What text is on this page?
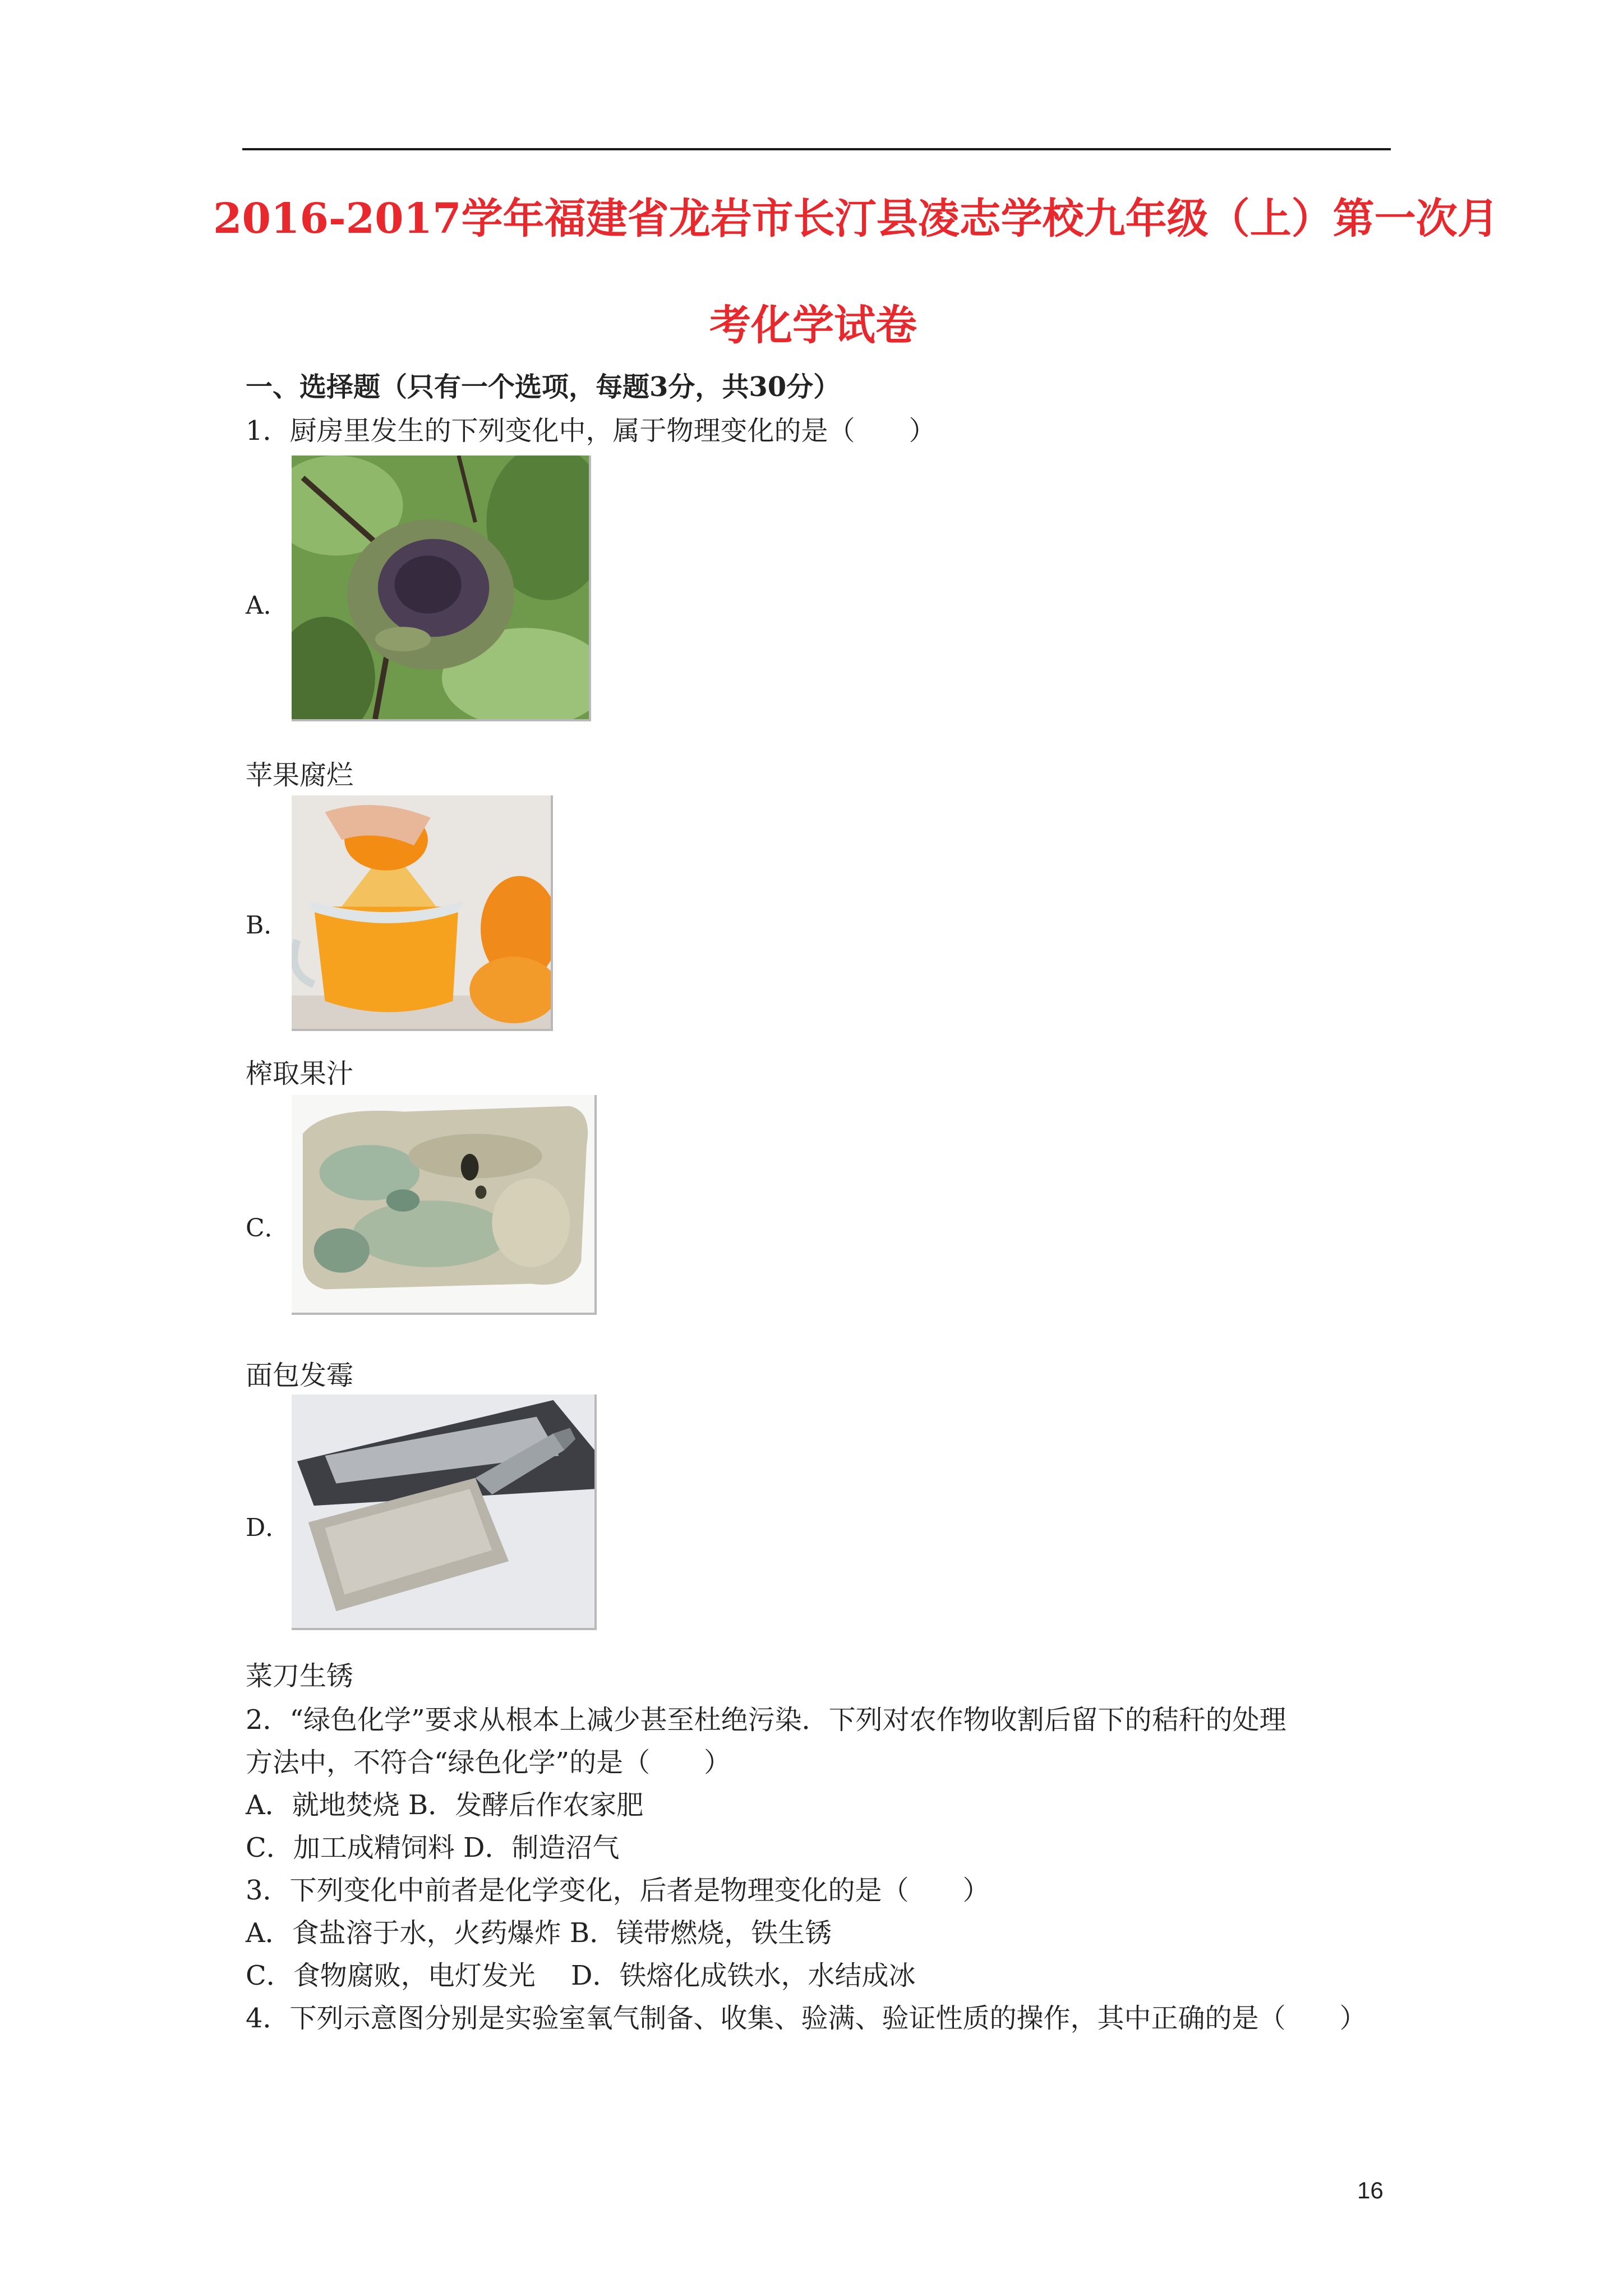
2016-2017学年福建省龙岩市长汀县凌志学校九年级（上）第一次月
考化学试卷
一、选择题（只有一个选项，每题3分，共30分）
1．厨房里发生的下列变化中，属于物理变化的是（　　）
A．
苹果腐烂
B．
榨取果汁
C．
面包发霉
D．
菜刀生锈
2．“绿色化学”要求从根本上减少甚至杜绝污染．下列对农作物收割后留下的秸秆的处理
方法中，不符合“绿色化学”的是（　　）
A．就地焚烧 B．发酵后作农家肥
C．加工成精饲料 D．制造沼气
3．下列变化中前者是化学变化，后者是物理变化的是（　　）
A．食盐溶于水，火药爆炸 B．镁带燃烧，铁生锈
C．食物腐败，电灯发光　 D．铁熔化成铁水，水结成冰
4．下列示意图分别是实验室氧气制备、收集、验满、验证性质的操作，其中正确的是（　　）
16
